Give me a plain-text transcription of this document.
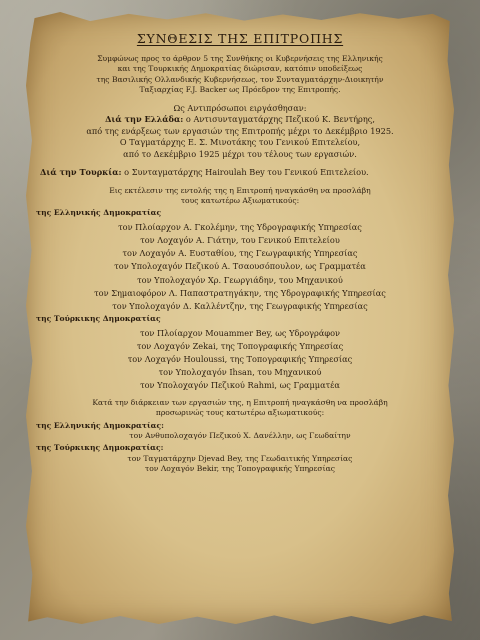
ΣΥΝΘΕΣΙΣ ΤΗΣ ΕΠΙΤΡΟΠΗΣ
Συμφώνως προς το άρθρον 5 της Συνθήκης οι Κυβερνήσεις της Ελληνικής
και της Τουρκικής Δημοκρατίας διώρισαν, κατόπιν υποδείξεως
της Βασιλικής Ολλανδικής Κυβερνήσεως, τον Συνταγματάρχην-Διοικητήν
Ταξιαρχίας F.J. Backer ως Πρόεδρον της Επιτροπής.
Ως Αντιπρόσωποι ειργάσθησαν:
Διά την Ελλάδα: ο Αντισυνταγματάρχης Πεζικού Κ. Βεντήρης,
από της ενάρξεως των εργασιών της Επιτροπής μέχρι το Δεκέμβριο 1925.
Ο Ταγματάρχης Ε. Σ. Μινοτάκης του Γενικού Επιτελείου,
από το Δεκέμβριο 1925 μέχρι του τέλους των εργασιών.
Διά την Τουρκία: ο Συνταγματάρχης Hairoulah Bey του Γενικού Επιτελείου.
Εις εκτέλεσιν της εντολής της η Επιτροπή ηναγκάσθη να προσλάβη
τους κατωτέρω Αξιωματικούς:
της Ελληνικής Δημοκρατίας
τον Πλοίαρχον Α. Γκολέμην, της Υδρογραφικής Υπηρεσίας
τον Λοχαγόν Α. Γιάτην, του Γενικού Επιτελείου
τον Λοχαγόν Α. Ευσταθίου, της Γεωγραφικής Υπηρεσίας
τον Υπολοχαγόν Πεζικού Α. Τσαουσόπουλον, ως Γραμματέα
τον Υπολοχαγόν Χρ. Γεωργιάδην, του Μηχανικού
τον Σημαιοφόρον Λ. Παπαστρατηγάκην, της Υδρογραφικής Υπηρεσίας
τον Υπολοχαγόν Δ. Καλλέντζην, της Γεωγραφικής Υπηρεσίας
της Τούρκικης Δημοκρατίας
τον Πλοίαρχον Mouammer Bey, ως Υδρογράφον
τον Λοχαγόν Zekai, της Τοπογραφικής Υπηρεσίας
τον Λοχαγόν Houloussi, της Τοπογραφικής Υπηρεσίας
τον Υπολοχαγόν Ihsan, του Μηχανικού
τον Υπολοχαγόν Πεζικού Rahmi, ως Γραμματέα
Κατά την διάρκειαν των εργασιών της, η Επιτροπή ηναγκάσθη να προσλάβη
προσωρινώς τους κατωτέρω αξιωματικούς:
της Ελληνικής Δημοκρατίας:
τον Ανθυπολοχαγόν Πεζικού Χ. Δανέλλην, ως Γεωδαίτην
της Τούρκικης Δημοκρατίας:
τον Ταγματάρχην Djevad Bey, της Γεωδαιτικής Υπηρεσίας
τον Λοχαγόν Bekir, της Τοπογραφικής Υπηρεσίας
